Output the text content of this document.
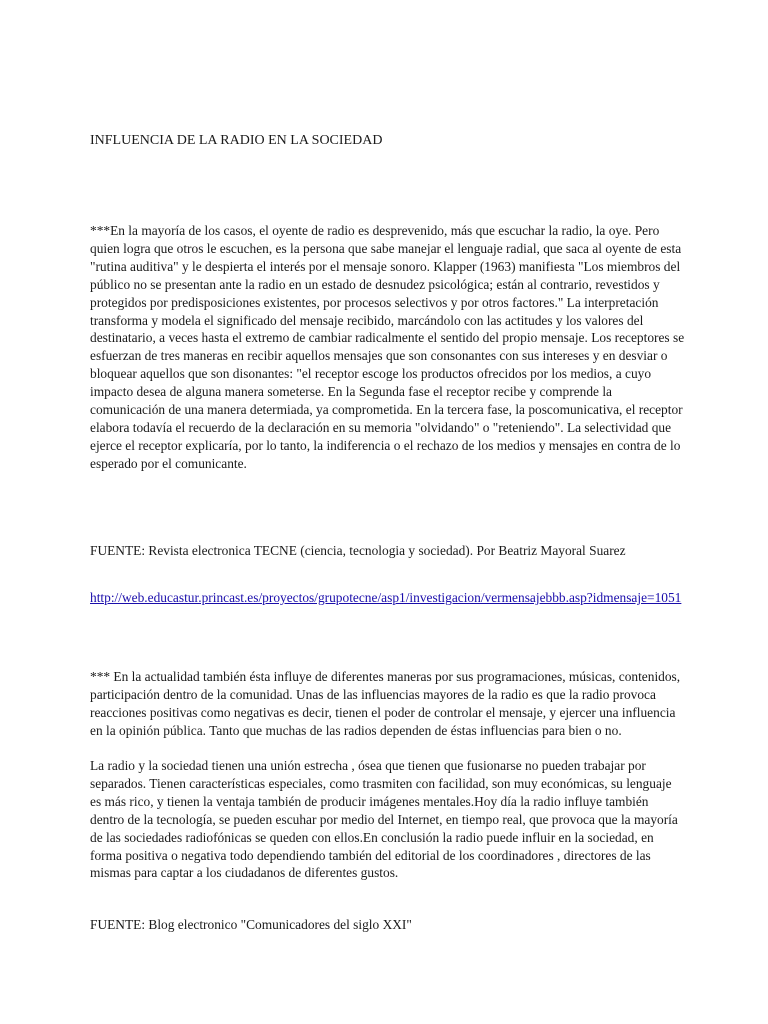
INFLUENCIA DE LA RADIO EN LA SOCIEDAD

***En la mayoría de los casos, el oyente de radio es desprevenido, más que escuchar la radio, la oye. Pero quien logra que otros le escuchen, es la persona que sabe manejar el lenguaje radial, que saca al oyente de esta "rutina auditiva" y le despierta el interés por el mensaje sonoro. Klapper (1963) manifiesta "Los miembros del público no se presentan ante la radio en un estado de desnudez psicológica; están al contrario, revestidos y protegidos por predisposiciones existentes, por procesos selectivos y por otros factores." La interpretación transforma y modela el significado del mensaje recibido, marcándolo con las actitudes y los valores del destinatario, a veces hasta el extremo de cambiar radicalmente el sentido del propio mensaje. Los receptores se esfuerzan de tres maneras en recibir aquellos mensajes que son consonantes con sus intereses y en desviar o bloquear aquellos que son disonantes: "el receptor escoge los productos ofrecidos por los medios, a cuyo impacto desea de alguna manera someterse. En la Segunda fase el receptor recibe y comprende la comunicación de una manera determiada, ya comprometida. En la tercera fase, la poscomunicativa, el receptor elabora todavía el recuerdo de la declaración en su memoria "olvidando" o "reteniendo". La selectividad que ejerce el receptor explicaría, por lo tanto, la indiferencia o el rechazo de los medios y mensajes en contra de lo esperado por el comunicante.

FUENTE: Revista electronica TECNE (ciencia, tecnologia y sociedad). Por Beatriz Mayoral Suarez

http://web.educastur.princast.es/proyectos/grupotecne/asp1/investigacion/vermensajebbb.asp?idmensaje=1051

*** En la actualidad también ésta influye de diferentes maneras por sus programaciones, músicas, contenidos, participación dentro de la comunidad. Unas de las influencias mayores de la radio es que la radio provoca reacciones positivas como negativas es decir, tienen el poder de controlar el mensaje, y ejercer una influencia en la opinión pública. Tanto que muchas de las radios dependen de éstas influencias para bien o no.

La radio y la sociedad tienen una unión estrecha , ósea que tienen que fusionarse no pueden trabajar por separados. Tienen características especiales, como trasmiten con facilidad, son muy económicas, su lenguaje es más rico, y tienen la ventaja también de producir imágenes mentales.Hoy día la radio influye también dentro de la tecnología, se pueden escuhar por medio del Internet, en tiempo real, que provoca que la mayoría de las sociedades radiofónicas se queden con ellos.En conclusión la radio puede influir en la sociedad, en forma positiva o negativa todo dependiendo también del editorial de los coordinadores , directores de las mismas para captar a los ciudadanos de diferentes gustos.

FUENTE: Blog electronico "Comunicadores del siglo XXI"
